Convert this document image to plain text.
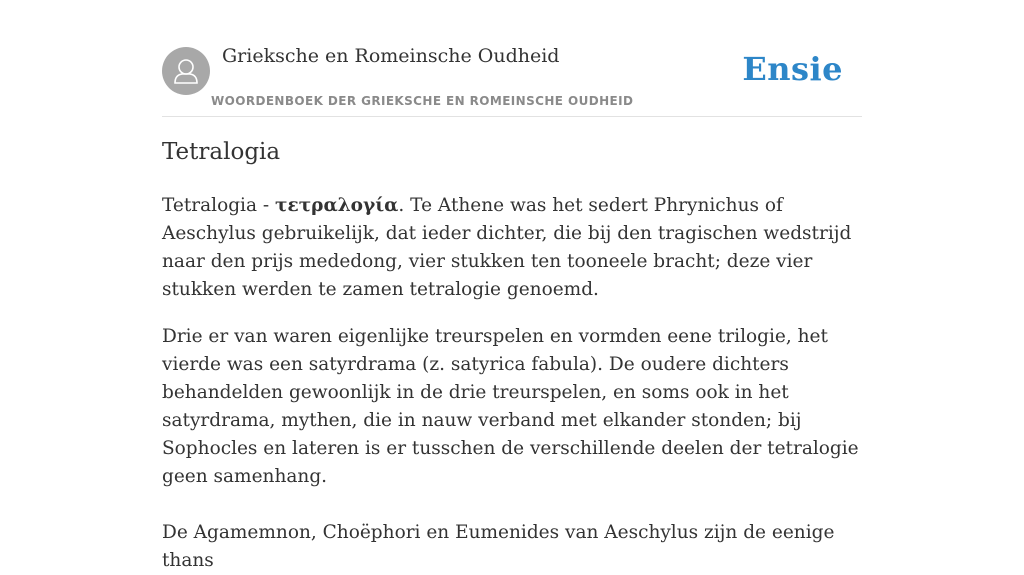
Grieksche en Romeinsche Oudheid
WOORDENBOEK DER GRIEKSCHE EN ROMEINSCHE OUDHEID
Ensie
Tetralogia

Tetralogia - τετραλογία. Te Athene was het sedert Phrynichus of Aeschylus gebruikelijk, dat ieder dichter, die bij den tragischen wedstrijd naar den prijs mededong, vier stukken ten tooneele bracht; deze vier stukken werden te zamen tetralogie genoemd.

Drie er van waren eigenlijke treurspelen en vormden eene trilogie, het vierde was een satyrdrama (z. satyrica fabula). De oudere dichters behandelden gewoonlijk in de drie treurspelen, en soms ook in het satyrdrama, mythen, die in nauw verband met elkander stonden; bij Sophocles en lateren is er tusschen de verschillende deelen der tetralogie geen samenhang.

De Agamemnon, Choëphori en Eumenides van Aeschylus zijn de eenige thans
